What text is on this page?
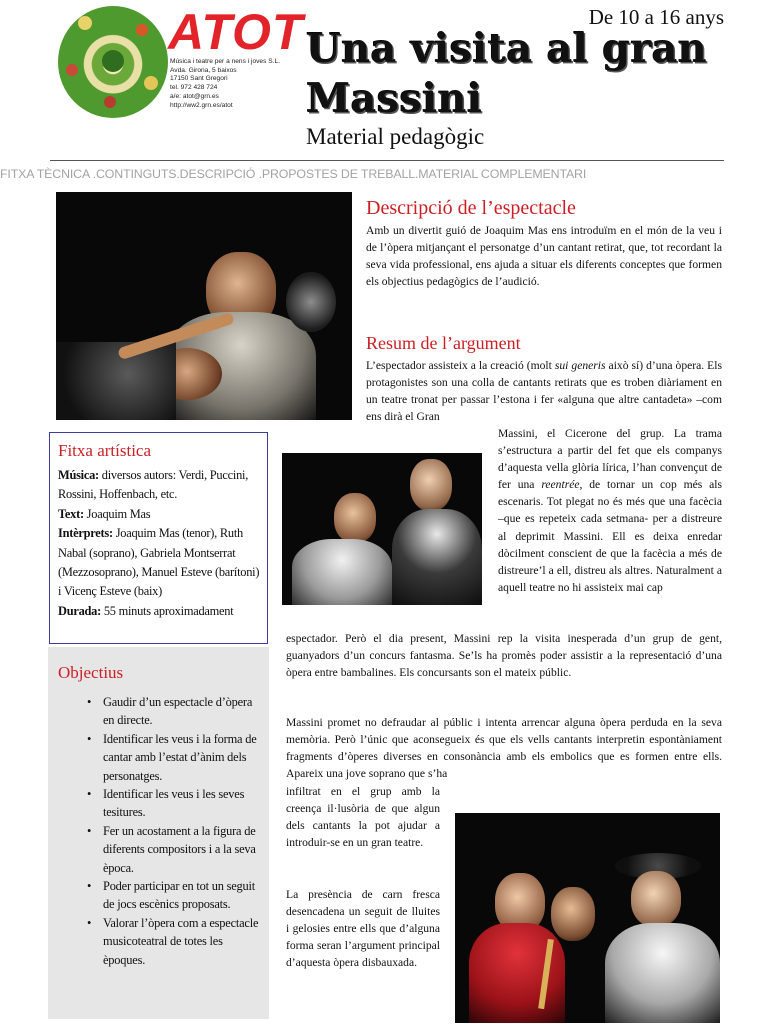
ATOT
Música i teatre per a nens i joves S.L.
Avda. Girona, 5 baixos
17150 Sant Gregori
tel. 972 428 724
a/e: atot@grn.es
http://ww2.grn.es/atot
De 10 a 16 anys
Una visita al gran
Massini
Material pedagògic
FITXA TÈCNICA .CONTINGUTS.DESCRIPCIÓ .PROPOSTES DE TREBALL.MATERIAL COMPLEMENTARI
Descripció de l’espectacle
Amb un divertit guió de Joaquim Mas ens introduïm en el món de la veu i de l’òpera mitjançant el personatge d’un cantant retirat, que, tot recordant la seva vida professional, ens ajuda a situar els diferents conceptes que formen els objectius pedagògics de l’audició.
Resum de l’argument
L’espectador assisteix a la creació (molt sui generis això sí) d’una òpera. Els protagonistes son una colla de cantants retirats que es troben diàriament en un teatre tronat per passar l’estona i fer «alguna que altre cantadeta» –com ens dirà el Gran
Massini, el Cicerone del grup. La trama s’estructura a partir del fet que els companys d’aquesta vella glòria lírica, l’han convençut de fer una reentrée, de tornar un cop més als escenaris. Tot plegat no és més que una facècia –que es repeteix cada setmana- per a distreure al deprimit Massini. Ell es deixa enredar dòcilment conscient de que la facècia a més de distreure’l a ell, distreu als altres. Naturalment a aquell teatre no hi assisteix mai cap
espectador. Però el dia present, Massini rep la visita inesperada d’un grup de gent, guanyadors d’un concurs fantasma. Se’ls ha promès poder assistir a la representació d’una òpera entre bambalines. Els concursants son el mateix públic.
Massini promet no defraudar al públic i intenta arrencar alguna òpera perduda en la seva memòria. Però l’únic que aconsegueix és que els vells cantants interpretin espontàniament fragments d’òperes diverses en consonància amb els embolics que es formen entre ells. Apareix una jove soprano que s’ha
infiltrat en el grup amb la creença il·lusòria de que algun dels cantants la pot ajudar a introduir-se en un gran teatre.
La presència de carn fresca desencadena un seguit de lluites i gelosies entre ells que d’alguna forma seran l’argument principal d’aquesta òpera disbauxada.
Fitxa artística

Música: diversos autors: Verdi, Puccini, Rossini, Hoffenbach, etc.
Text: Joaquim Mas
Intèrprets: Joaquim Mas (tenor), Ruth Nabal (soprano), Gabriela Montserrat (Mezzosoprano), Manuel Esteve (barítoni) i Vicenç Esteve (baix)
Durada: 55 minuts aproximadament

Objectius
• Gaudir d’un espectacle d’òpera en directe.
• Identificar les veus i la forma de cantar amb l’estat d’ànim dels personatges.
• Identificar les veus i les seves tesitures.
• Fer un acostament a la figura de diferents compositors i a la seva època.
• Poder participar en tot un seguit de jocs escènics proposats.
• Valorar l’òpera com a espectacle musicoteatral de totes les èpoques.
